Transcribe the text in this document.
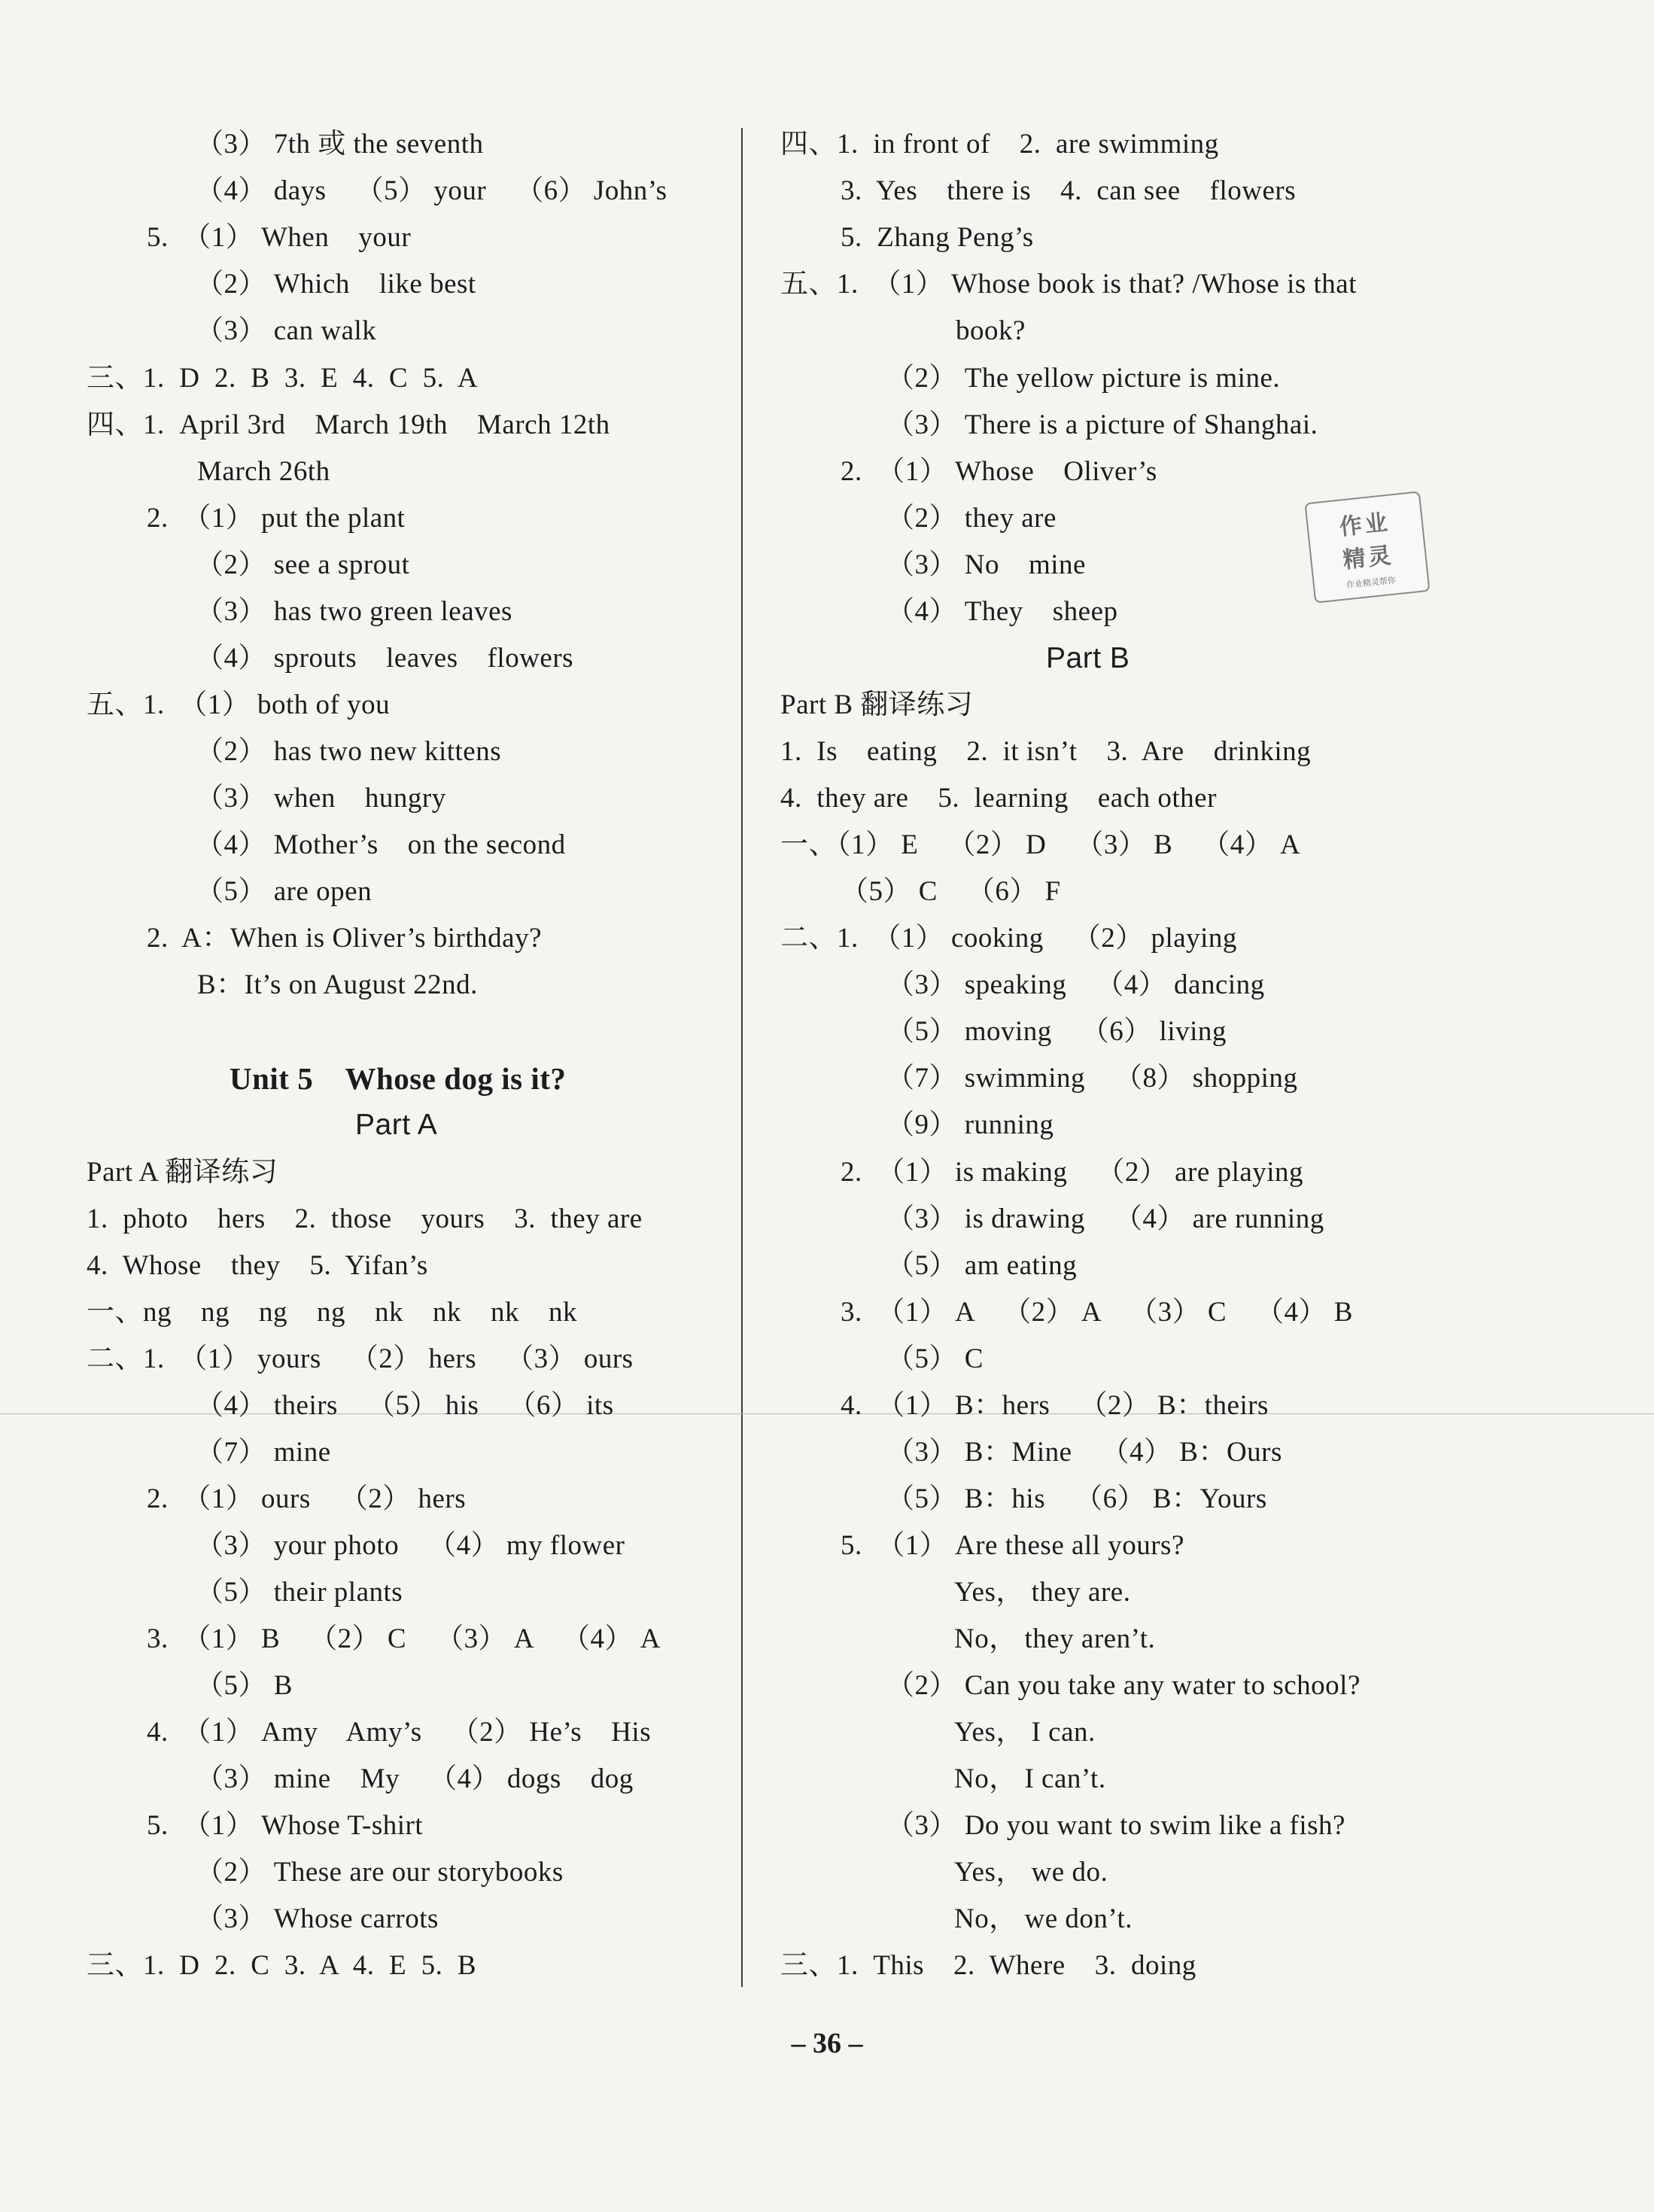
（3） 7th 或 the seventh
（4） days    （5） your    （6） John’s
5.  （1） When    your
（2） Which    like best
（3） can walk
三、1.  D  2.  B  3.  E  4.  C  5.  A
四、1.  April 3rd    March 19th    March 12th
March 26th
2.  （1） put the plant
（2） see a sprout
（3） has two green leaves
（4） sprouts    leaves    flowers
五、1.  （1） both of you
（2） has two new kittens
（3） when    hungry
（4） Mother’s    on the second
（5） are open
2.  A：When is Oliver’s birthday?
B：It’s on August 22nd.
1.  photo    hers    2.  those    yours    3.  they are
4.  Whose    they    5.  Yifan’s
一、ng    ng    ng    ng    nk    nk    nk    nk
二、1.  （1） yours    （2） hers    （3） ours
（4） theirs    （5） his    （6） its
（7） mine
2.  （1） ours    （2） hers
（3） your photo    （4） my flower
（5） their plants
3.  （1） B    （2） C    （3） A    （4） A
（5） B
4.  （1） Amy    Amy’s    （2） He’s    His
（3） mine    My    （4） dogs    dog
5.  （1） Whose T-shirt
（2） These are our storybooks
（3） Whose carrots
三、1.  D  2.  C  3.  A  4.  E  5.  B
Unit 5    Whose dog is it?
Part A
Part A 翻译练习
四、1.  in front of    2.  are swimming
3.  Yes    there is    4.  can see    flowers
5.  Zhang Peng’s
五、1.  （1） Whose book is that? /Whose is that
book?
（2） The yellow picture is mine.
（3） There is a picture of Shanghai.
2.  （1） Whose    Oliver’s
（2） they are
（3） No    mine
（4） They    sheep
1.  Is    eating    2.  it isn’t    3.  Are    drinking
4.  they are    5.  learning    each other
一、（1） E    （2） D    （3） B    （4） A
（5） C    （6） F
二、1.  （1） cooking    （2） playing
（3） speaking    （4） dancing
（5） moving    （6） living
（7） swimming    （8） shopping
（9） running
2.  （1） is making    （2） are playing
（3） is drawing    （4） are running
（5） am eating
3.  （1） A    （2） A    （3） C    （4） B
（5） C
4.  （1） B：hers    （2） B：theirs
（3） B：Mine    （4） B：Ours
（5） B：his    （6） B：Yours
5.  （1） Are these all yours?
Yes， they are.
No， they aren’t.
（2） Can you take any water to school?
Yes， I can.
No， I can’t.
（3） Do you want to swim like a fish?
Yes， we do.
No， we don’t.
三、1.  This    2.  Where    3.  doing
Part B
Part B 翻译练习
作业
精灵
作业精灵帮你
– 36 –
